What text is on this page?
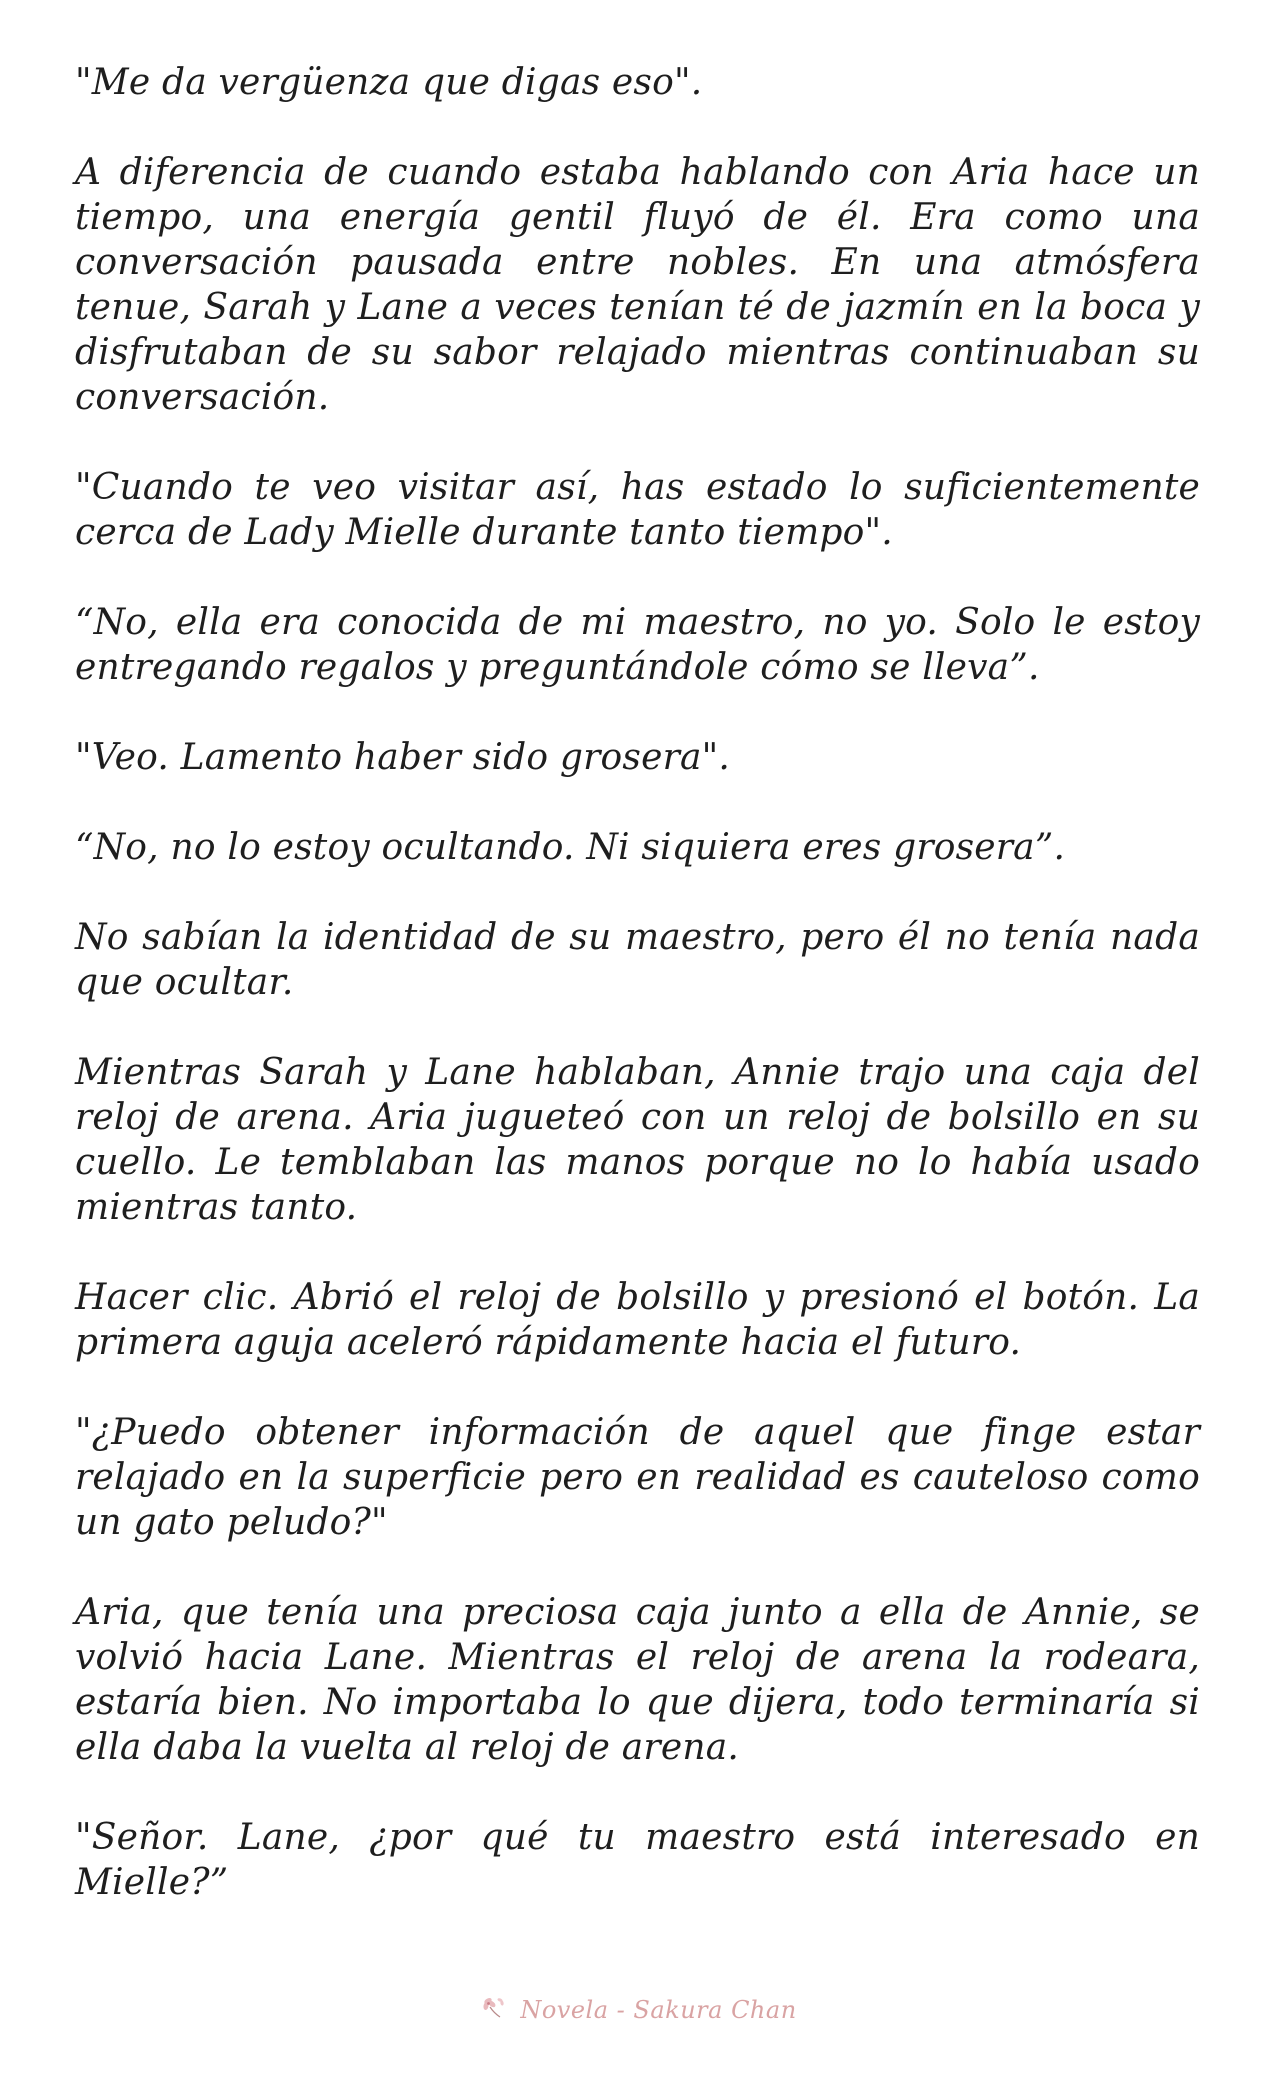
"Me da vergüenza que digas eso".

A diferencia de cuando estaba hablando con Aria hace un tiempo, una energía gentil fluyó de él. Era como una conversación pausada entre nobles. En una atmósfera tenue, Sarah y Lane a veces tenían té de jazmín en la boca y disfrutaban de su sabor relajado mientras continuaban su conversación.

"Cuando te veo visitar así, has estado lo suficientemente cerca de Lady Mielle durante tanto tiempo".

“No, ella era conocida de mi maestro, no yo. Solo le estoy entregando regalos y preguntándole cómo se lleva”.

"Veo. Lamento haber sido grosera".

“No, no lo estoy ocultando. Ni siquiera eres grosera”.

No sabían la identidad de su maestro, pero él no tenía nada que ocultar.

Mientras Sarah y Lane hablaban, Annie trajo una caja del reloj de arena. Aria jugueteó con un reloj de bolsillo en su cuello. Le temblaban las manos porque no lo había usado mientras tanto.

Hacer clic. Abrió el reloj de bolsillo y presionó el botón. La primera aguja aceleró rápidamente hacia el futuro.

"¿Puedo obtener información de aquel que finge estar relajado en la superficie pero en realidad es cauteloso como un gato peludo?"

Aria, que tenía una preciosa caja junto a ella de Annie, se volvió hacia Lane. Mientras el reloj de arena la rodeara, estaría bien. No importaba lo que dijera, todo terminaría si ella daba la vuelta al reloj de arena.

"Señor. Lane, ¿por qué tu maestro está interesado en Mielle?”

Novela - Sakura Chan
